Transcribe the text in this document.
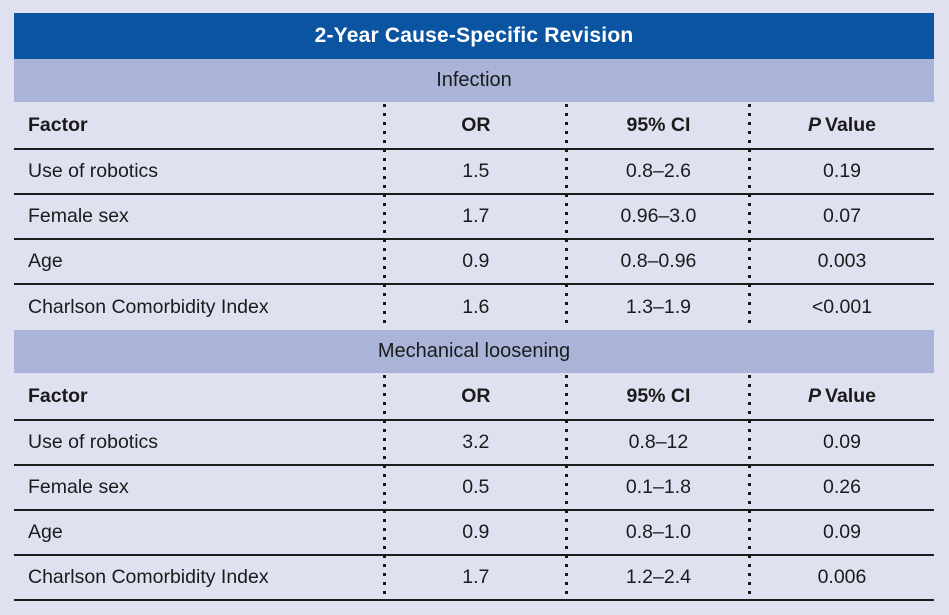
2-Year Cause-Specific Revision
Infection
Factor	OR	95% CI	P Value
Use of robotics	1.5	0.8–2.6	0.19
Female sex	1.7	0.96–3.0	0.07
Age	0.9	0.8–0.96	0.003
Charlson Comorbidity Index	1.6	1.3–1.9	<0.001
Mechanical loosening
Factor	OR	95% CI	P Value
Use of robotics	3.2	0.8–12	0.09
Female sex	0.5	0.1–1.8	0.26
Age	0.9	0.8–1.0	0.09
Charlson Comorbidity Index	1.7	1.2–2.4	0.006
